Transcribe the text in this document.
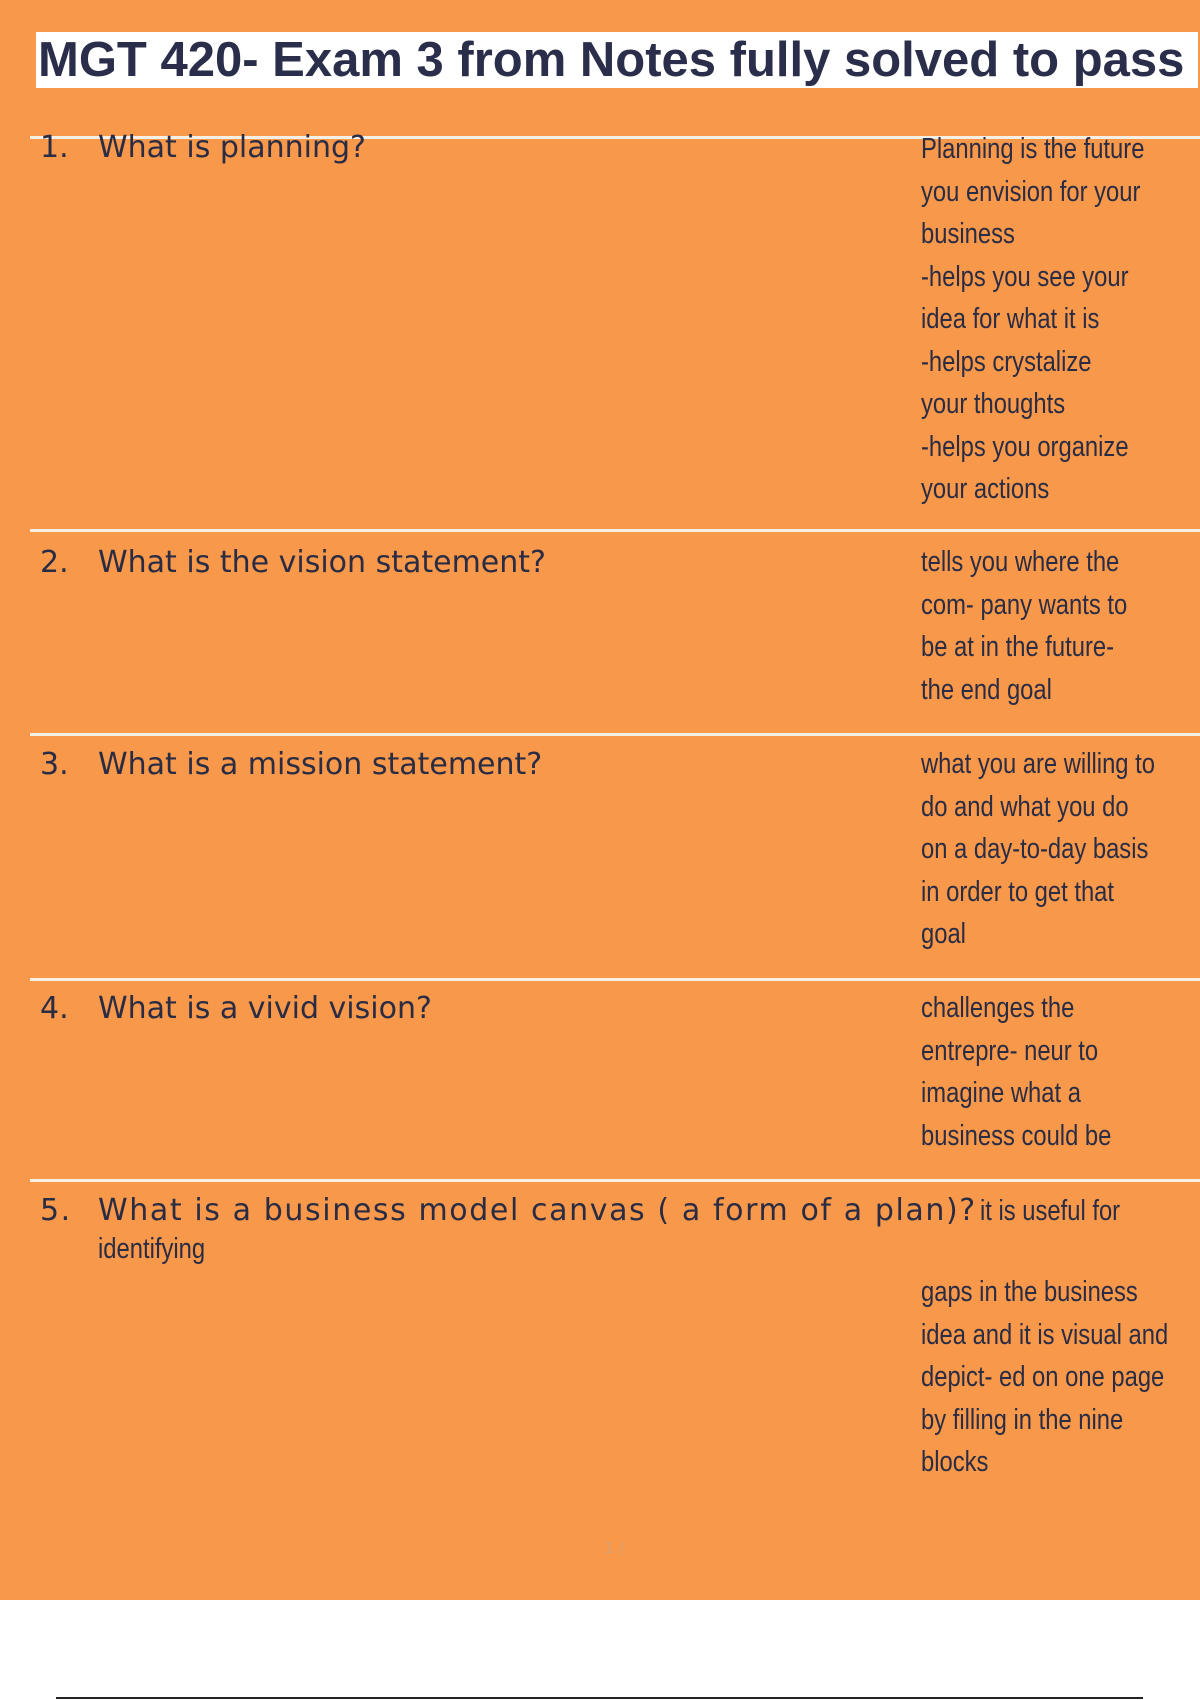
MGT 420- Exam 3 from Notes fully solved to pass
1. What is planning?	Planning is the future
you envision for your
business
-helps you see your
idea for what it is
-helps crystalize
your thoughts
-helps you organize
your actions
2. What is the vision statement?	tells you where the
com- pany wants to
be at in the future-
the end goal
3. What is a mission statement?	what you are willing to
do and what you do
on a day-to-day basis
in order to get that
goal
4. What is a vivid vision?	challenges the
entrepre- neur to
imagine what a
business could be
5. What is a business model canvas ( a form of a plan)? it is useful for
identifying
gaps in the business
idea and it is visual and
depict- ed on one page
by filling in the nine
blocks
1 /
